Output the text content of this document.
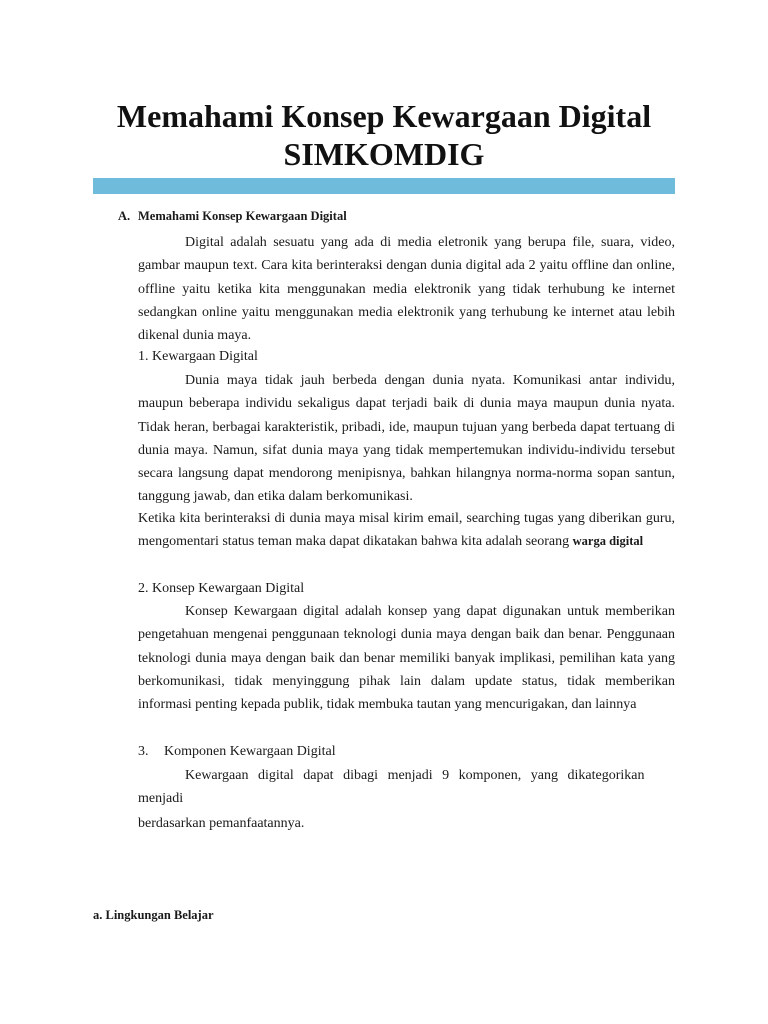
Memahami Konsep Kewargaan Digital
SIMKOMDIG
A. Memahami Konsep Kewargaan Digital

Digital adalah sesuatu yang ada di media eletronik yang berupa file, suara, video, gambar maupun text. Cara kita berinteraksi dengan dunia digital ada 2 yaitu offline dan online, offline yaitu ketika kita menggunakan media elektronik yang tidak terhubung ke internet sedangkan online yaitu menggunakan media elektronik yang terhubung ke internet atau lebih dikenal dunia maya.

1. Kewargaan Digital

Dunia maya tidak jauh berbeda dengan dunia nyata. Komunikasi antar individu, maupun beberapa individu sekaligus dapat terjadi baik di dunia maya maupun dunia nyata. Tidak heran, berbagai karakteristik, pribadi, ide, maupun tujuan yang berbeda dapat tertuang di dunia maya. Namun, sifat dunia maya yang tidak mempertemukan individu-individu tersebut secara langsung dapat mendorong menipisnya, bahkan hilangnya norma-norma sopan santun, tanggung jawab, dan etika dalam berkomunikasi.

Ketika kita berinteraksi di dunia maya misal kirim email, searching tugas yang diberikan guru, mengomentari status teman maka dapat dikatakan bahwa kita adalah seorang warga digital

2. Konsep Kewargaan Digital

Konsep Kewargaan digital adalah konsep yang dapat digunakan untuk memberikan pengetahuan mengenai penggunaan teknologi dunia maya dengan baik dan benar. Penggunaan teknologi dunia maya dengan baik dan benar memiliki banyak implikasi, pemilihan kata yang berkomunikasi, tidak menyinggung pihak lain dalam update status, tidak memberikan informasi penting kepada publik, tidak membuka tautan yang mencurigakan, dan lainnya

3. Komponen Kewargaan Digital

Kewargaan digital dapat dibagi menjadi 9 komponen, yang dikategorikan menjadi

berdasarkan pemanfaatannya.

a. Lingkungan Belajar
